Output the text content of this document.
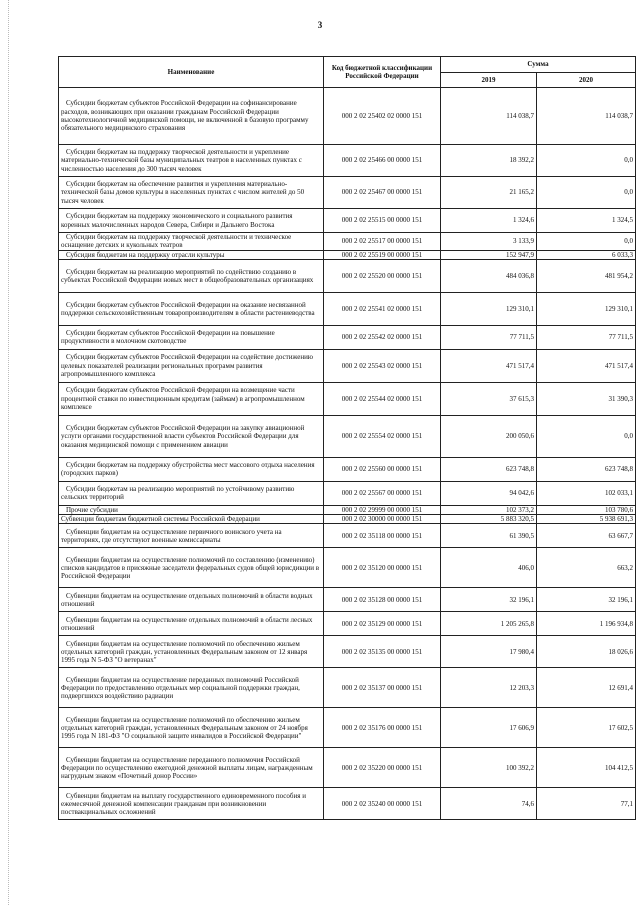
3
Наименование	Код бюджетной классификации Российской Федерации	Сумма	
		2019	2020
Субсидии бюджетам субъектов Российской Федерации на софинансирование расходов, возникающих при оказании гражданам Российской Федерации высокотехнологичной медицинской помощи, не включенной в базовую программу обязательного медицинского страхования	000 2 02 25402 02 0000 151	114 038,7	114 038,7
Субсидии бюджетам на поддержку творческой деятельности и укрепление материально-технической базы муниципальных театров в населенных пунктах с численностью населения до 300 тысяч человек	000 2 02 25466 00 0000 151	18 392,2	0,0
Субсидии бюджетам на обеспечение развития и укрепления материально-технической базы домов культуры в населенных пунктах с числом жителей до 50 тысяч человек	000 2 02 25467 00 0000 151	21 165,2	0,0
Субсидии бюджетам на поддержку экономического и социального развития коренных малочисленных народов Севера, Сибири и Дальнего Востока	000 2 02 25515 00 0000 151	1 324,6	1 324,5
Субсидии бюджетам на поддержку творческой деятельности и техническое оснащение детских и кукольных театров	000 2 02 25517 00 0000 151	3 133,9	0,0
Субсидия бюджетам на поддержку отрасли культуры	000 2 02 25519 00 0000 151	152 947,9	6 033,3
Субсидии бюджетам на реализацию мероприятий по содействию созданию в субъектах Российской Федерации новых мест в общеобразовательных организациях	000 2 02 25520 00 0000 151	484 036,8	481 954,2
Субсидии бюджетам субъектов Российской Федерации на оказание несвязанной поддержки сельскохозяйственным товаропроизводителям в области растениеводства	000 2 02 25541 02 0000 151	129 310,1	129 310,1
Субсидии бюджетам субъектов Российской Федерации на повышение продуктивности в молочном скотоводстве	000 2 02 25542 02 0000 151	77 711,5	77 711,5
Субсидии бюджетам субъектов Российской Федерации на содействие достижению целевых показателей реализации региональных программ развития агропромышленного комплекса	000 2 02 25543 02 0000 151	471 517,4	471 517,4
Субсидии бюджетам субъектов Российской Федерации на возмещение части процентной ставки по инвестиционным кредитам (займам) в агропромышленном комплексе	000 2 02 25544 02 0000 151	37 615,3	31 390,3
Субсидии бюджетам субъектов Российской Федерации на закупку авиационной услуги органами государственной власти субъектов Российской Федерации для оказания медицинской помощи с применением авиации	000 2 02 25554 02 0000 151	200 050,6	0,0
Субсидии бюджетам на поддержку обустройства мест массового отдыха населения (городских парков)	000 2 02 25560 00 0000 151	623 748,8	623 748,8
Субсидии бюджетам на реализацию мероприятий по устойчивому развитию сельских территорий	000 2 02 25567 00 0000 151	94 042,6	102 033,1
Прочие субсидии	000 2 02 29999 00 0000 151	102 373,2	103 780,6
Субвенции бюджетам бюджетной системы Российской Федерации	000 2 02 30000 00 0000 151	5 883 320,5	5 938 691,3
Субвенции бюджетам на осуществление первичного воинского учета на территориях, где отсутствуют военные комиссариаты	000 2 02 35118 00 0000 151	61 390,5	63 667,7
Субвенции бюджетам на осуществление полномочий по составлению (изменению) списков кандидатов в присяжные заседатели федеральных судов общей юрисдикции в Российской Федерации	000 2 02 35120 00 0000 151	406,0	663,2
Субвенции бюджетам на осуществление отдельных полномочий в области водных отношений	000 2 02 35128 00 0000 151	32 196,1	32 196,1
Субвенции бюджетам на осуществление отдельных полномочий в области лесных отношений	000 2 02 35129 00 0000 151	1 205 265,8	1 196 934,8
Субвенции бюджетам на осуществление полномочий по обеспечению жильем отдельных категорий граждан, установленных Федеральным законом от 12 января 1995 года N 5-ФЗ "О ветеранах"	000 2 02 35135 00 0000 151	17 980,4	18 026,6
Субвенции бюджетам на осуществление переданных полномочий Российской Федерации по предоставлению отдельных мер социальной поддержки граждан, подвергшихся воздействию радиации	000 2 02 35137 00 0000 151	12 203,3	12 691,4
Субвенции бюджетам на осуществление полномочий по обеспечению жильем отдельных категорий граждан, установленных Федеральным законом от 24 ноября 1995 года N 181-ФЗ "О социальной защите инвалидов в Российской Федерации"	000 2 02 35176 00 0000 151	17 606,9	17 602,5
Субвенции бюджетам на осуществление переданного полномочия Российской Федерации по осуществлению ежегодной денежной выплаты лицам, награжденным нагрудным знаком «Почетный донор России»	000 2 02 35220 00 0000 151	100 392,2	104 412,5
Субвенции бюджетам на выплату государственного единовременного пособия и ежемесячной денежной компенсации гражданам при возникновении поствакцинальных осложнений	000 2 02 35240 00 0000 151	74,6	77,1
